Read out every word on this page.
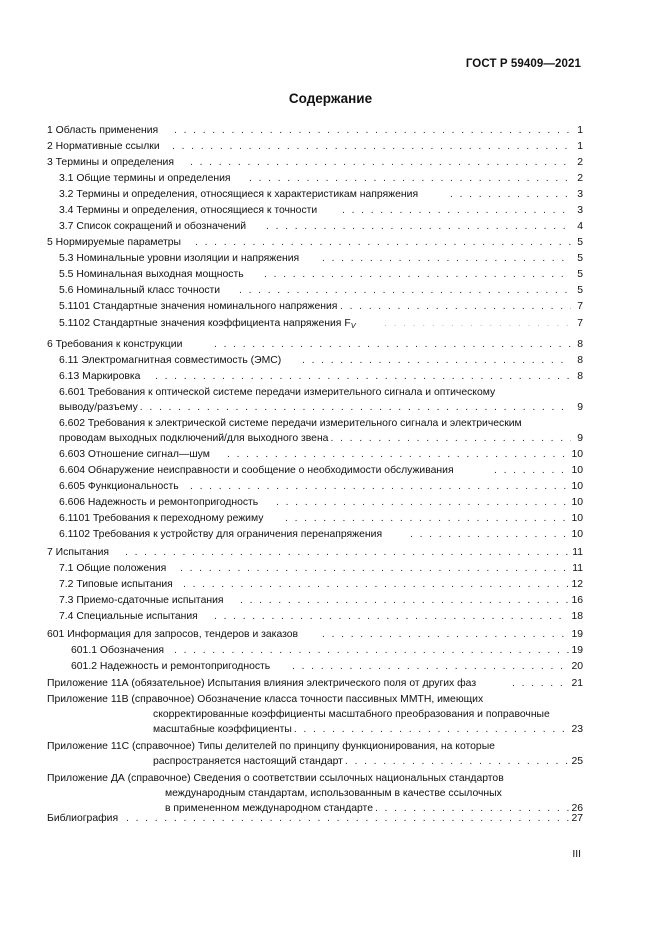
ГОСТ Р 59409—2021
Содержание
1 Область применения . . .	1
2 Нормативные ссылки . . .	1
3 Термины и определения . . .	2
3.1 Общие термины и определения . . .	2
3.2 Термины и определения, относящиеся к характеристикам напряжения . . .	3
3.4 Термины и определения, относящиеся к точности . . .	3
3.7 Список сокращений и обозначений . . .	4
5 Нормируемые параметры . . .	5
5.3 Номинальные уровни изоляции и напряжения . . .	5
5.5 Номинальная выходная мощность . . .	5
5.6 Номинальный класс точности . . .	5
5.1101 Стандартные значения номинального напряжения . . .	7
5.1102 Стандартные значения коэффициента напряжения $F_V$ . . .	7
6 Требования к конструкции . . .	8
6.11 Электромагнитная совместимость (ЭМС) . . .	8
6.13 Маркировка . . .	8
6.601 Требования к оптической системе передачи измерительного сигнала и оптическому
выводу/разъему . . .	9
6.602 Требования к электрической системе передачи измерительного сигнала и электрическим
проводам выходных подключений/для выходного звена . . .	9
6.603 Отношение сигнал—шум . . .	10
6.604 Обнаружение неисправности и сообщение о необходимости обслуживания . . .	10
6.605 Функциональность . . .	10
6.606 Надежность и ремонтопригодность . . .	10
6.1101 Требования к переходному режиму . . .	10
6.1102 Требования к устройству для ограничения перенапряжения . . .	10
7 Испытания . . .	11
7.1 Общие положения . . .	11
7.2 Типовые испытания . . .	12
7.3 Приемо-сдаточные испытания . . .	16
7.4 Специальные испытания . . .	18
601 Информация для запросов, тендеров и заказов . . .	19
601.1 Обозначения . . .	19
601.2 Надежность и ремонтопригодность . . .	20
Приложение 11А (обязательное) Испытания влияния электрического поля от других фаз . . .	21
Приложение 11В (справочное) Обозначение класса точности пассивных ММТН, имеющих
скорректированные коэффициенты масштабного преобразования и поправочные
масштабные коэффициенты . . .	23
Приложение 11С (справочное) Типы делителей по принципу функционирования, на которые
распространяется настоящий стандарт . . .	25
Приложение ДА (справочное) Сведения о соответствии ссылочных национальных стандартов
международным стандартам, использованным в качестве ссылочных
в примененном международном стандарте . . .	26
Библиография . . .	27
III
